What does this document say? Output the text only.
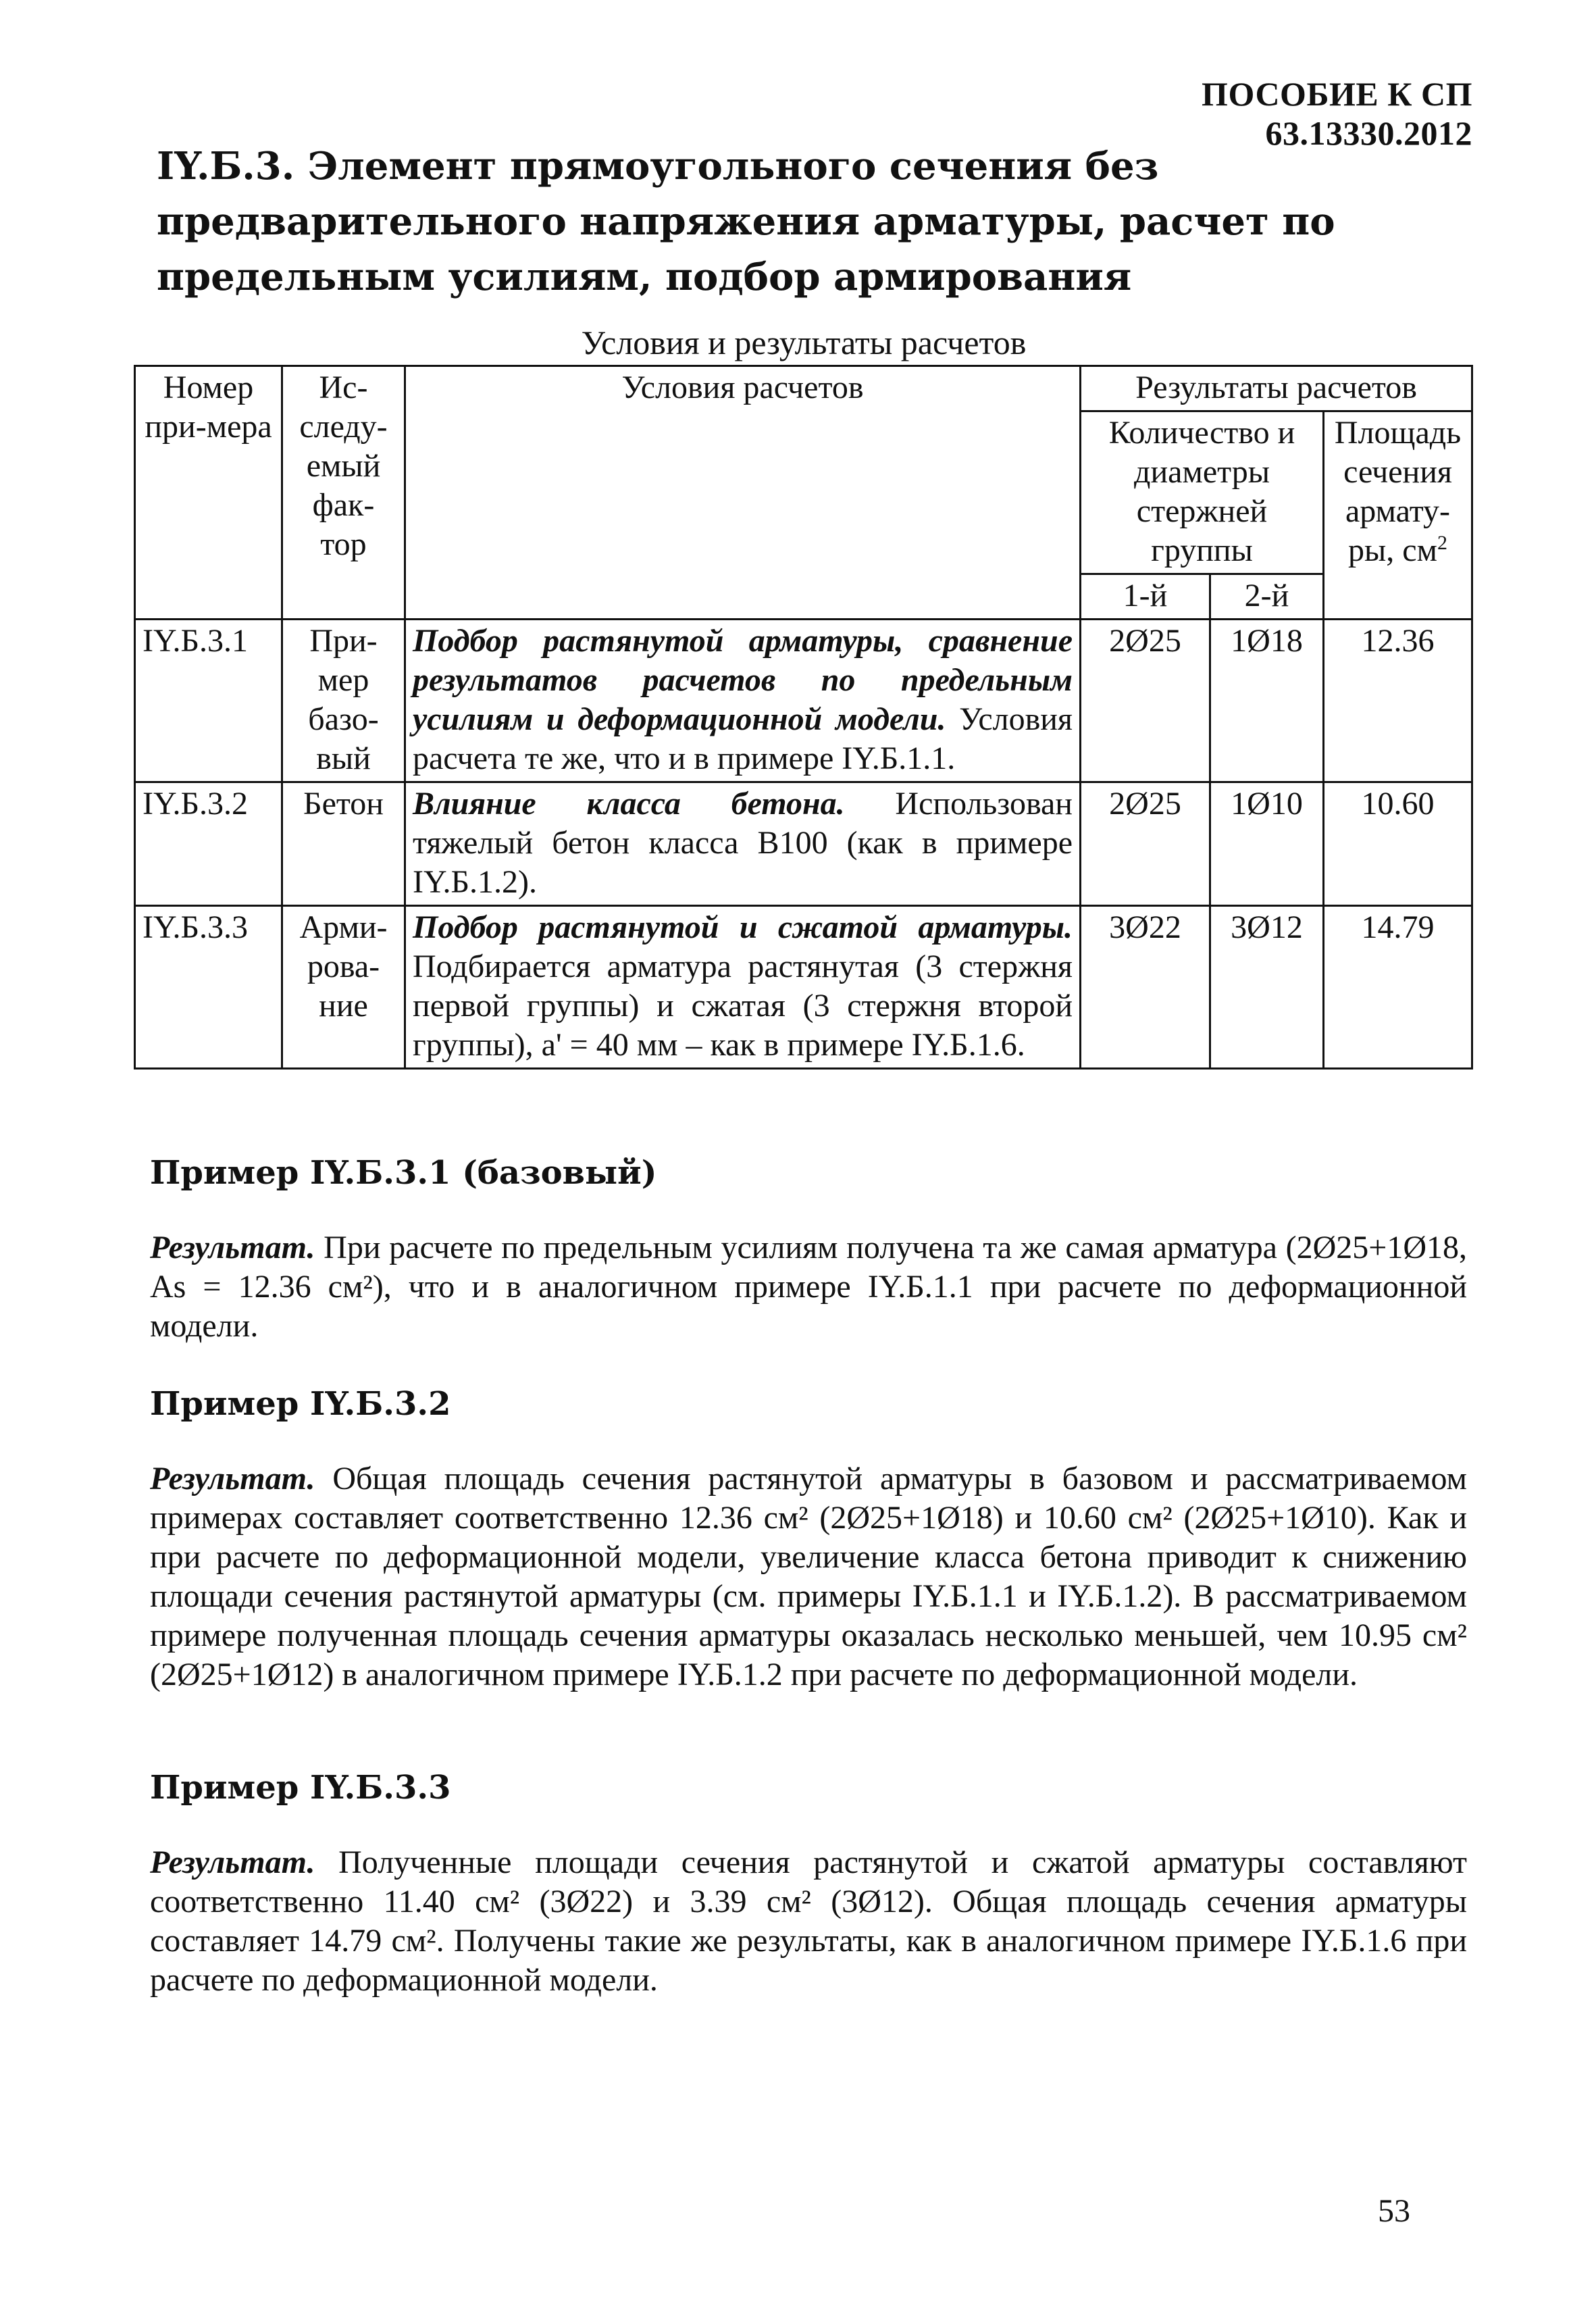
ПОСОБИЕ К СП 63.13330.2012
IY.Б.3. Элемент прямоугольного сечения без предварительного напряжения арматуры, расчет по предельным усилиям, подбор армирования
Условия и результаты расчетов
Номер при-мера	Ис-следу-емый фак-тор	Условия расчетов	Результаты расчетов		
			Количество и диаметры стержней группы		Площадь сечения армату-ры, $см^2$
			1-й	2-й	
IY.Б.3.1	При-мер базо-вый	Подбор растянутой арматуры, сравнение результатов расчетов по предельным усилиям и деформационной модели. Условия расчета те же, что и в примере IY.Б.1.1.	2Ø25	1Ø18	12.36
IY.Б.3.2	Бетон	Влияние класса бетона. Использован тяжелый бетон класса В100 (как в примере IY.Б.1.2).	2Ø25	1Ø10	10.60
IY.Б.3.3	Арми-рова-ние	Подбор растянутой и сжатой арматуры. Подбирается арматура растянутая (3 стержня первой группы) и сжатая (3 стержня второй группы), a' = 40 мм – как в примере IY.Б.1.6.	3Ø22	3Ø12	14.79
Пример IY.Б.3.1 (базовый)
Результат. При расчете по предельным усилиям получена та же самая арматура (2Ø25+1Ø18, As = 12.36 см²), что и в аналогичном примере IY.Б.1.1 при расчете по деформационной модели.
Пример IY.Б.3.2
Результат. Общая площадь сечения растянутой арматуры в базовом и рассматриваемом примерах составляет соответственно 12.36 см² (2Ø25+1Ø18) и 10.60 см² (2Ø25+1Ø10). Как и при расчете по деформационной модели, увеличение класса бетона приводит к снижению площади сечения растянутой арматуры (см. примеры IY.Б.1.1 и IY.Б.1.2). В рассматриваемом примере полученная площадь сечения арматуры оказалась несколько меньшей, чем 10.95 см² (2Ø25+1Ø12) в аналогичном примере IY.Б.1.2 при расчете по деформационной модели.
Пример IY.Б.3.3
Результат. Полученные площади сечения растянутой и сжатой арматуры составляют соответственно 11.40 см² (3Ø22) и 3.39 см² (3Ø12). Общая площадь сечения арматуры составляет 14.79 см². Получены такие же результаты, как в аналогичном примере IY.Б.1.6 при расчете по деформационной модели.
53
